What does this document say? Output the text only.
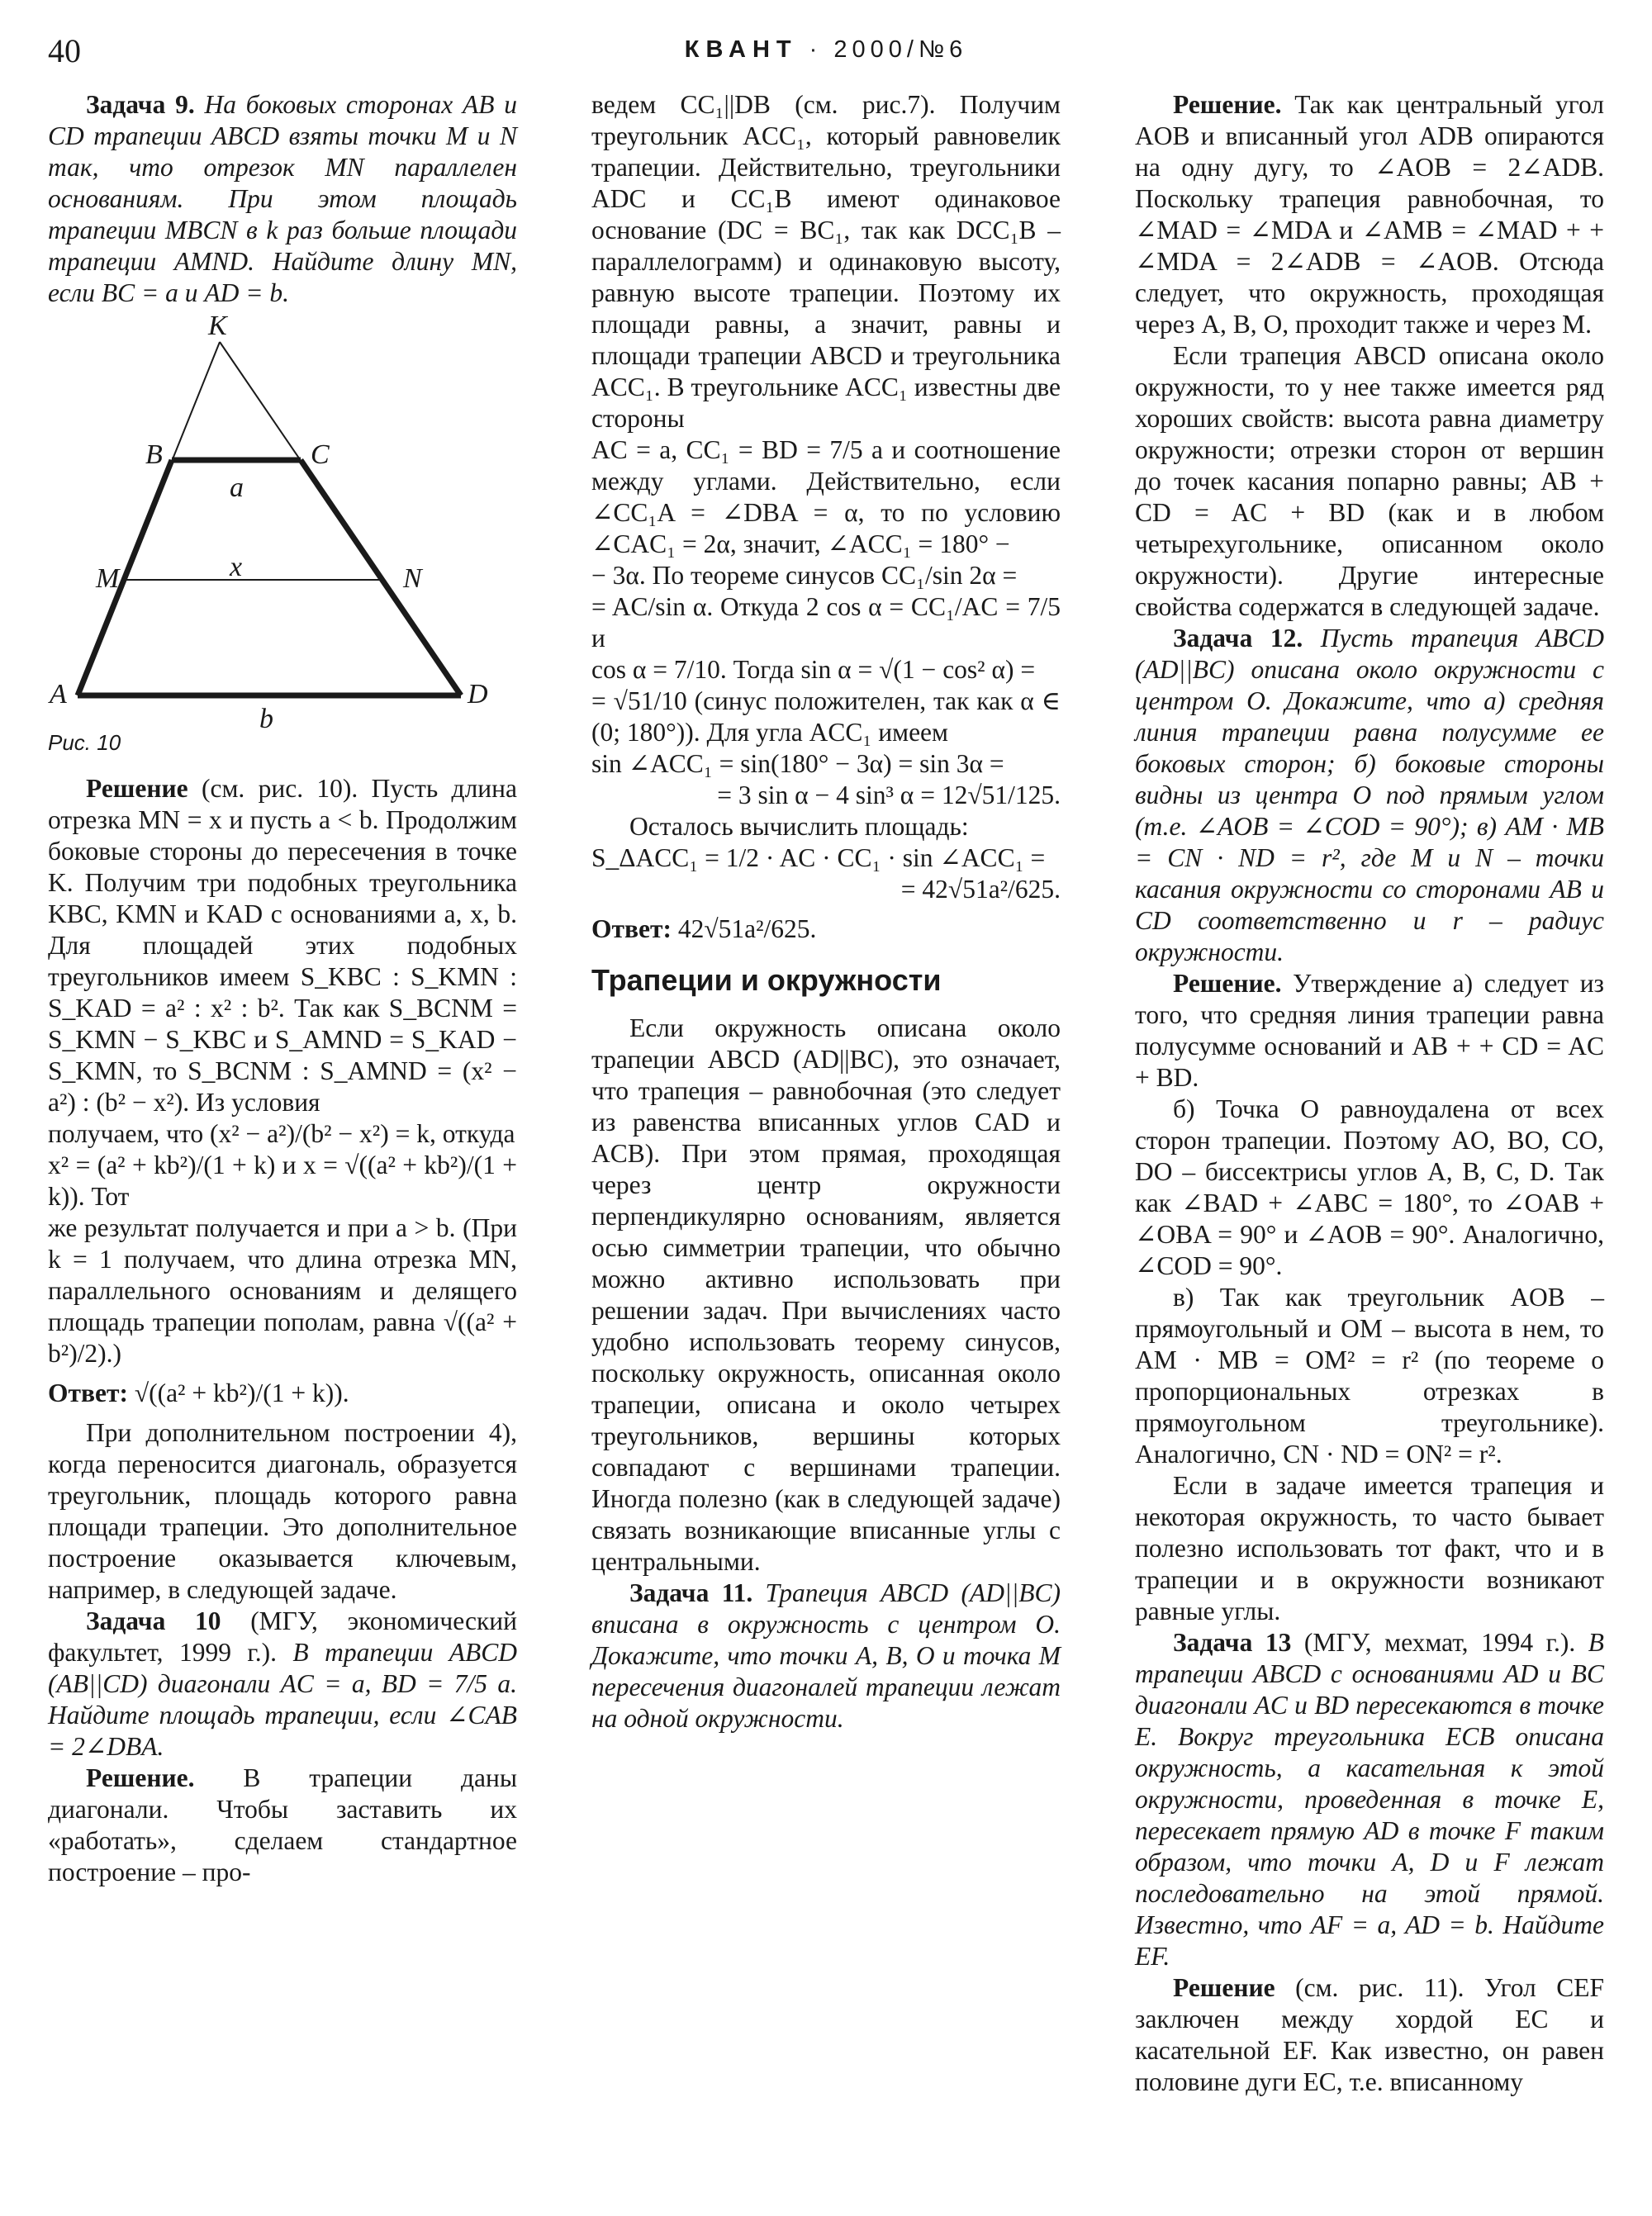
40	КВАНТ · 2000/№6

Задача 9. На боковых сторонах AB и CD трапеции ABCD взяты точки M и N так, что отрезок MN параллелен основаниям. При этом площадь трапеции MBCN в k раз больше площади трапеции AMND. Найдите длину MN, если BC = a и AD = b.

K
B	C
a
M	x	N
A
b
D
Рис. 10

Решение (см. рис. 10). Пусть длина отрезка MN = x и пусть a < b. Продолжим боковые стороны до пересечения в точке K. Получим три подобных треугольника KBC, KMN и KAD с основаниями a, x, b. Для площадей этих подобных треугольников имеем S_KBC : S_KMN : S_KAD = a² : x² : b². Так как S_BCNM = S_KMN − S_KBC и S_AMND = S_KAD − S_KMN, то S_BCNM : S_AMND = (x² − a²) : (b² − x²). Из условия

получаем, что (x² − a²)/(b² − x²) = k, откуда

x² = (a² + kb²)/(1 + k) и x = √((a² + kb²)/(1 + k)). Тот

же результат получается и при a > b. (При k = 1 получаем, что длина отрезка MN, параллельного основаниям и делящего площадь трапеции пополам, равна √((a² + b²)/2).)

Ответ: √((a² + kb²)/(1 + k)).

При дополнительном построении 4), когда переносится диагональ, образуется треугольник, площадь которого равна площади трапеции. Это дополнительное построение оказывается ключевым, например, в следующей задаче.

Задача 10 (МГУ, экономический факультет, 1999 г.). В трапеции ABCD (AB||CD) диагонали AC = a, BD = 7/5 a. Найдите площадь трапеции, если ∠CAB = 2∠DBA.

Решение. В трапеции даны диагонали. Чтобы заставить их «работать», сделаем стандартное построение – про-

ведем CC₁||DB (см. рис.7). Получим треугольник ACC₁, который равновелик трапеции. Действительно, треугольники ADC и CC₁B имеют одинаковое основание (DC = BC₁, так как DCC₁B – параллелограмм) и одинаковую высоту, равную высоте трапеции. Поэтому их площади равны, а значит, равны и площади трапеции ABCD и треугольника ACC₁. В треугольнике ACC₁ известны две стороны

AC = a, CC₁ = BD = 7/5 a и соотношение между углами. Действительно, если ∠CC₁A = ∠DBA = α, то по условию ∠CAC₁ = 2α, значит, ∠ACC₁ = 180° −

− 3α. По теореме синусов CC₁/sin 2α =

= AC/sin α. Откуда 2 cos α = CC₁/AC = 7/5 и

cos α = 7/10. Тогда sin α = √(1 − cos² α) =

= √51/10 (синус положителен, так как α ∈ (0; 180°)). Для угла ACC₁ имеем

sin ∠ACC₁ = sin(180° − 3α) = sin 3α =

= 3 sin α − 4 sin³ α = 12√51/125.

Осталось вычислить площадь:

S_ΔACC₁ = 1/2 · AC · CC₁ · sin ∠ACC₁ =

= 42√51a²/625.

Ответ: 42√51a²/625.

Трапеции и окружности

Если окружность описана около трапеции ABCD (AD||BC), это означает, что трапеция – равнобочная (это следует из равенства вписанных углов CAD и ACB). При этом прямая, проходящая через центр окружности перпендикулярно основаниям, является осью симметрии трапеции, что обычно можно активно использовать при решении задач. При вычислениях часто удобно использовать теорему синусов, поскольку окружность, описанная около трапеции, описана и около четырех треугольников, вершины которых совпадают с вершинами трапеции. Иногда полезно (как в следующей задаче) связать возникающие вписанные углы с центральными.

Задача 11. Трапеция ABCD (AD||BC) вписана в окружность с центром O. Докажите, что точки A, B, O и точка M пересечения диагоналей трапеции лежат на одной окружности.

Решение. Так как центральный угол AOB и вписанный угол ADB опираются на одну дугу, то ∠AOB = 2∠ADB. Поскольку трапеция равнобочная, то ∠MAD = ∠MDA и ∠AMB = ∠MAD + + ∠MDA = 2∠ADB = ∠AOB. Отсюда следует, что окружность, проходящая через A, B, O, проходит также и через M.

Если трапеция ABCD описана около окружности, то у нее также имеется ряд хороших свойств: высота равна диаметру окружности; отрезки сторон от вершин до точек касания попарно равны; AB + CD = AC + BD (как и в любом четырехугольнике, описанном около окружности). Другие интересные свойства содержатся в следующей задаче.

Задача 12. Пусть трапеция ABCD (AD||BC) описана около окружности с центром O. Докажите, что а) средняя линия трапеции равна полусумме ее боковых сторон; б) боковые стороны видны из центра O под прямым углом (т.е. ∠AOB = ∠COD = 90°); в) AM · MB = CN · ND = r², где M и N – точки касания окружности со сторонами AB и CD соответственно и r – радиус окружности.

Решение. Утверждение а) следует из того, что средняя линия трапеции равна полусумме оснований и AB + + CD = AC + BD.

б) Точка O равноудалена от всех сторон трапеции. Поэтому AO, BO, CO, DO – биссектрисы углов A, B, C, D. Так как ∠BAD + ∠ABC = 180°, то ∠OAB + ∠OBA = 90° и ∠AOB = 90°. Аналогично, ∠COD = 90°.

в) Так как треугольник AOB – прямоугольный и OM – высота в нем, то AM · MB = OM² = r² (по теореме о пропорциональных отрезках в прямоугольном треугольнике). Аналогично, CN · ND = ON² = r².

Если в задаче имеется трапеция и некоторая окружность, то часто бывает полезно использовать тот факт, что и в трапеции и в окружности возникают равные углы.

Задача 13 (МГУ, мехмат, 1994 г.). В трапеции ABCD с основаниями AD и BC диагонали AC и BD пересекаются в точке E. Вокруг треугольника ECB описана окружность, а касательная к этой окружности, проведенная в точке E, пересекает прямую AD в точке F таким образом, что точки A, D и F лежат последовательно на этой прямой. Известно, что AF = a, AD = b. Найдите EF.

Решение (см. рис. 11). Угол CEF заключен между хордой EC и касательной EF. Как известно, он равен половине дуги EC, т.е. вписанному
